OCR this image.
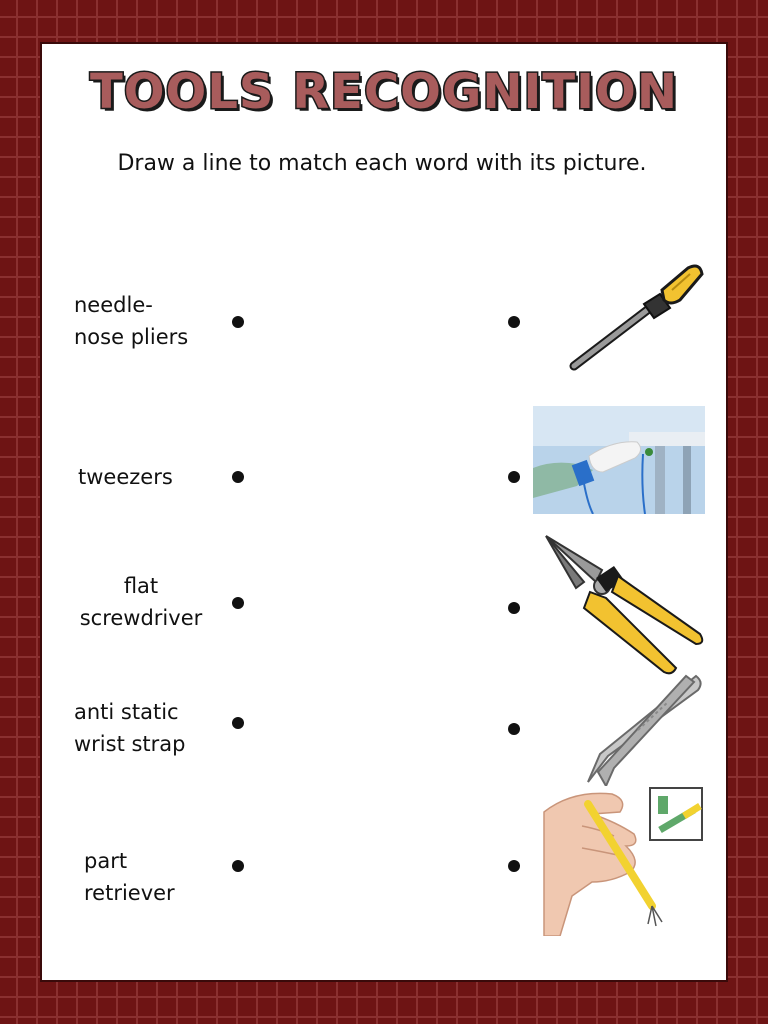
TOOLS RECOGNITION
Draw a line to match each word with its picture.
needle-
nose pliers
tweezers
flat
screwdriver
anti static
wrist strap
part
retriever
